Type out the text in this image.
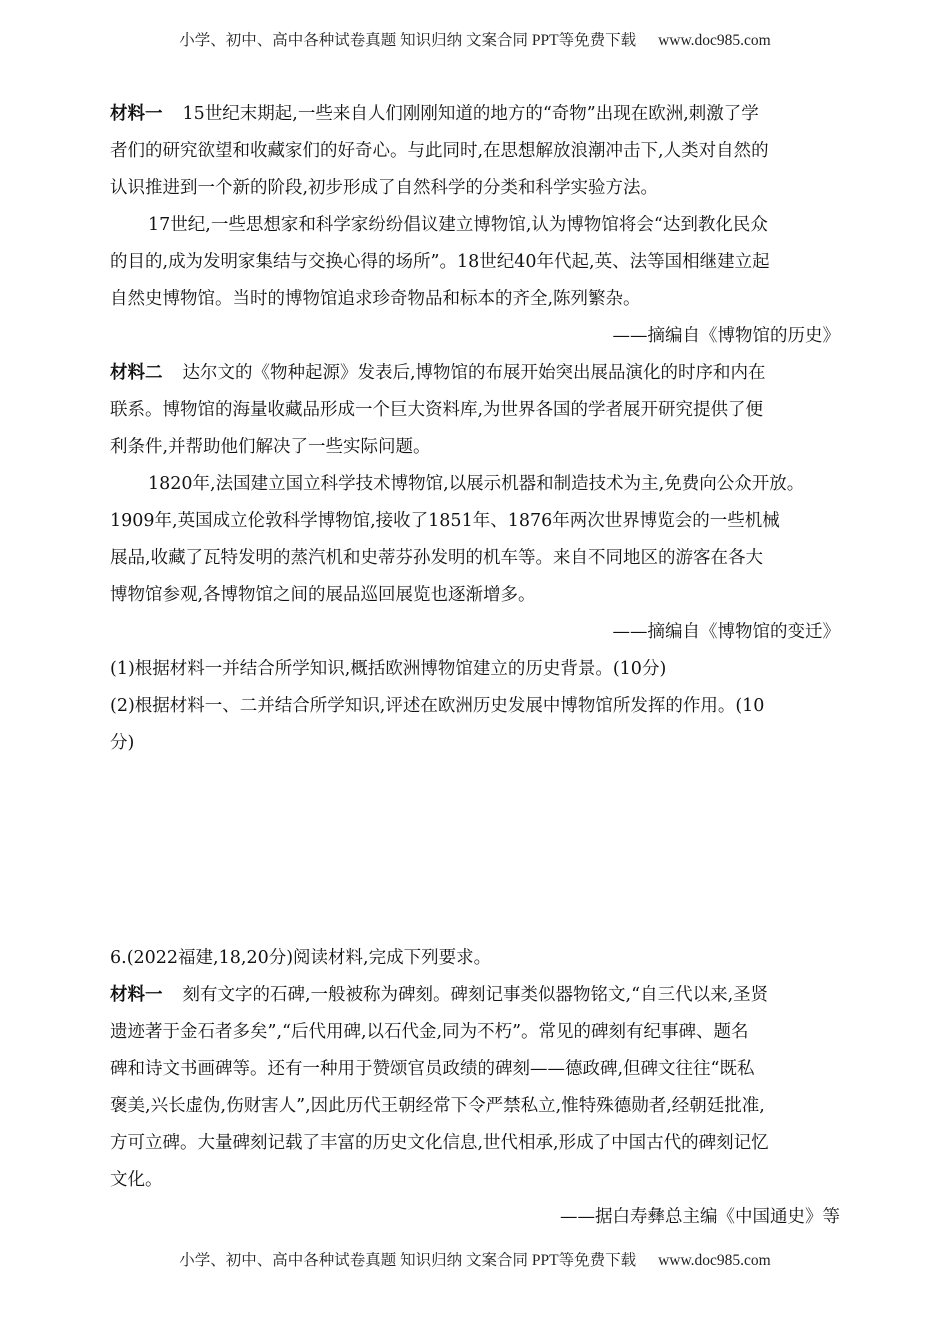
小学、初中、高中各种试卷真题 知识归纳 文案合同 PPT等免费下载 www.doc985.com
材料一 15世纪末期起,一些来自人们刚刚知道的地方的“奇物”出现在欧洲,刺激了学
者们的研究欲望和收藏家们的好奇心。与此同时,在思想解放浪潮冲击下,人类对自然的
认识推进到一个新的阶段,初步形成了自然科学的分类和科学实验方法。
17世纪,一些思想家和科学家纷纷倡议建立博物馆,认为博物馆将会“达到教化民众
的目的,成为发明家集结与交换心得的场所”。18世纪40年代起,英、法等国相继建立起
自然史博物馆。当时的博物馆追求珍奇物品和标本的齐全,陈列繁杂。
——摘编自《博物馆的历史》
材料二 达尔文的《物种起源》发表后,博物馆的布展开始突出展品演化的时序和内在
联系。博物馆的海量收藏品形成一个巨大资料库,为世界各国的学者展开研究提供了便
利条件,并帮助他们解决了一些实际问题。
1820年,法国建立国立科学技术博物馆,以展示机器和制造技术为主,免费向公众开放。
1909年,英国成立伦敦科学博物馆,接收了1851年、1876年两次世界博览会的一些机械
展品,收藏了瓦特发明的蒸汽机和史蒂芬孙发明的机车等。来自不同地区的游客在各大
博物馆参观,各博物馆之间的展品巡回展览也逐渐增多。
——摘编自《博物馆的变迁》
(1)根据材料一并结合所学知识,概括欧洲博物馆建立的历史背景。(10分)
(2)根据材料一、二并结合所学知识,评述在欧洲历史发展中博物馆所发挥的作用。(10
分)
6.(2022福建,18,20分)阅读材料,完成下列要求。
材料一 刻有文字的石碑,一般被称为碑刻。碑刻记事类似器物铭文,“自三代以来,圣贤
遗迹著于金石者多矣”,“后代用碑,以石代金,同为不朽”。常见的碑刻有纪事碑、题名
碑和诗文书画碑等。还有一种用于赞颂官员政绩的碑刻——德政碑,但碑文往往“既私
褒美,兴长虚伪,伤财害人”,因此历代王朝经常下令严禁私立,惟特殊德勋者,经朝廷批准,
方可立碑。大量碑刻记载了丰富的历史文化信息,世代相承,形成了中国古代的碑刻记忆
文化。
——据白寿彝总主编《中国通史》等
小学、初中、高中各种试卷真题 知识归纳 文案合同 PPT等免费下载 www.doc985.com
